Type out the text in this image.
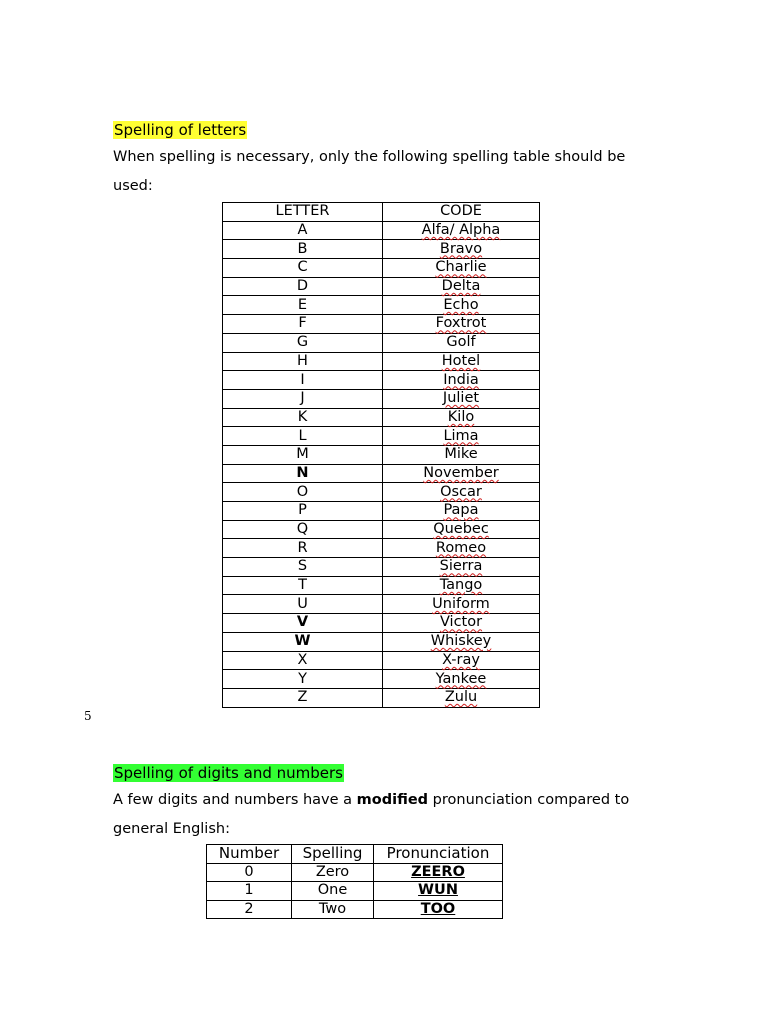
Spelling of letters
When spelling is necessary, only the following spelling table should be
used:
LETTER	CODE
A	Alfa/ Alpha
B	Bravo
C	Charlie
D	Delta
E	Echo
F	Foxtrot
G	Golf
H	Hotel
I	India
J	Juliet
K	Kilo
L	Lima
M	Mike
N	November
O	Oscar
P	Papa
Q	Quebec
R	Romeo
S	Sierra
T	Tango
U	Uniform
V	Victor
W	Whiskey
X	X-ray
Y	Yankee
Z	Zulu
5
Spelling of digits and numbers
A few digits and numbers have a modified pronunciation compared to
general English:
Number	Spelling	Pronunciation
0	Zero	ZEERO
1	One	WUN
2	Two	TOO
